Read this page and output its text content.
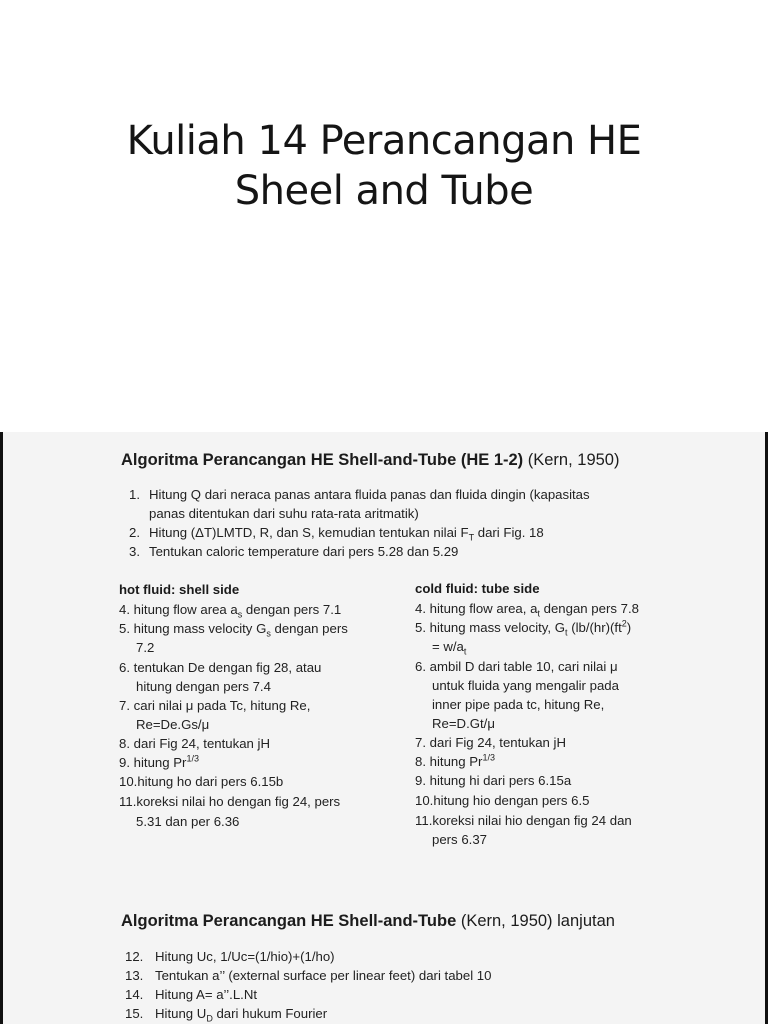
Kuliah 14 Perancangan HE
Sheel and Tube
Algoritma Perancangan HE Shell-and-Tube (HE 1-2) (Kern, 1950)
1. Hitung Q dari neraca panas antara fluida panas dan fluida dingin (kapasitas
panas ditentukan dari suhu rata-rata aritmatik)
2. Hitung (ΔT)LMTD, R, dan S, kemudian tentukan nilai $F_T$ dari Fig. 18
3. Tentukan caloric temperature dari pers 5.28 dan 5.29
hot fluid: shell side
4. hitung flow area $a_s$ dengan pers 7.1
5. hitung mass velocity $G_s$ dengan pers
7.2
6. tentukan De dengan fig 28, atau
hitung dengan pers 7.4
7. cari nilai μ pada Tc, hitung Re,
Re=De.Gs/μ
8. dari Fig 24, tentukan jH
9. hitung $Pr^{1/3}$
10.hitung ho dari pers 6.15b
11.koreksi nilai ho dengan fig 24, pers
5.31 dan per 6.36
cold fluid: tube side
4. hitung flow area, $a_t$ dengan pers 7.8
5. hitung mass velocity, $G_t$ ($lb/(hr)(ft^2)$
= $w/a_t$
6. ambil D dari table 10, cari nilai μ
untuk fluida yang mengalir pada
inner pipe pada tc, hitung Re,
Re=D.Gt/μ
7. dari Fig 24, tentukan jH
8. hitung $Pr^{1/3}$
9. hitung hi dari pers 6.15a
10.hitung hio dengan pers 6.5
11.koreksi nilai hio dengan fig 24 dan
pers 6.37
Algoritma Perancangan HE Shell-and-Tube (Kern, 1950) lanjutan
12. Hitung Uc, 1/Uc=(1/hio)+(1/ho)
13. Tentukan a’’ (external surface per linear feet) dari tabel 10
14. Hitung A= a’’.L.Nt
15. Hitung $U_D$ dari hukum Fourier
